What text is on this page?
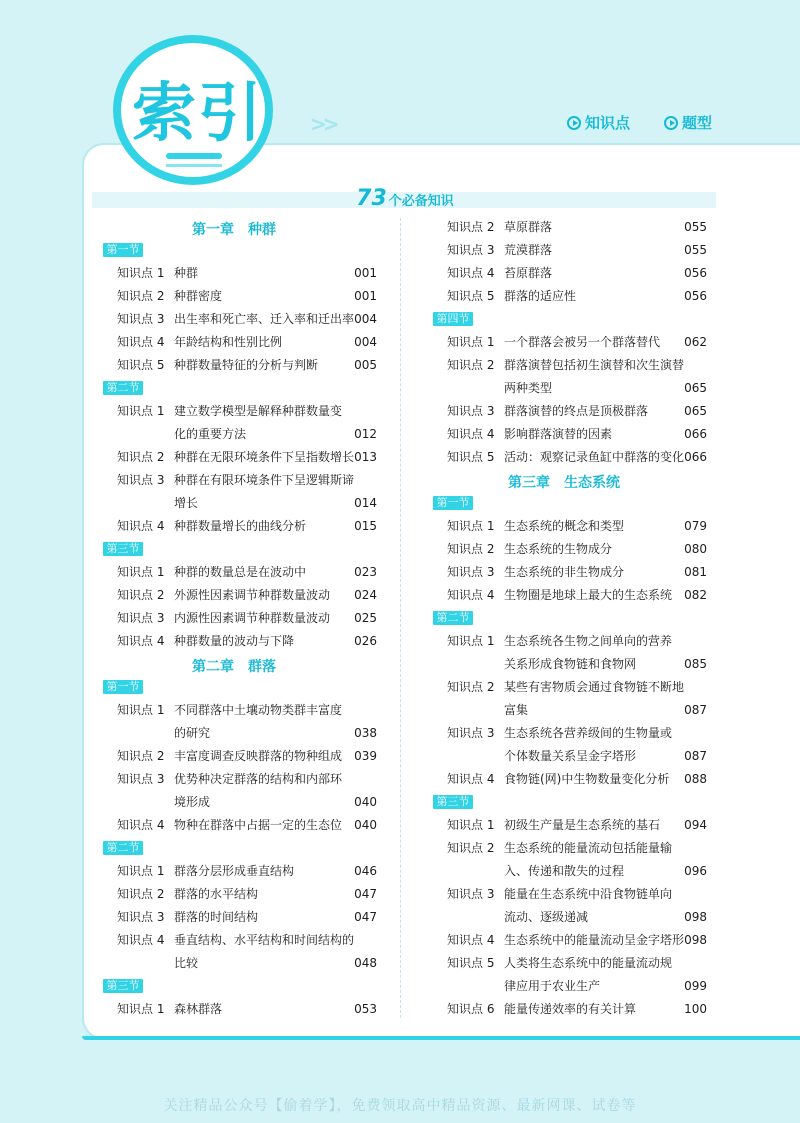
索引 >>	知识点	题型
73 个必备知识
第一章　种群
第一节
知识点 1 种群	001
知识点 2 种群密度	001
知识点 3 出生率和死亡率、迁入率和迁出率 004
知识点 4 年龄结构和性别比例	004
知识点 5 种群数量特征的分析与判断	005
第二节
知识点 1 建立数学模型是解释种群数量变
化的重要方法	012
知识点 2 种群在无限环境条件下呈指数增长 013
知识点 3 种群在有限环境条件下呈逻辑斯谛
增长	014
知识点 4 种群数量增长的曲线分析	015
第三节
知识点 1 种群的数量总是在波动中	023
知识点 2 外源性因素调节种群数量波动	024
知识点 3 内源性因素调节种群数量波动	025
知识点 4 种群数量的波动与下降	026
第二章　群落
第一节
知识点 1 不同群落中土壤动物类群丰富度
的研究	038
知识点 2 丰富度调查反映群落的物种组成	039
知识点 3 优势种决定群落的结构和内部环
境形成	040
知识点 4 物种在群落中占据一定的生态位	040
第二节
知识点 1 群落分层形成垂直结构	046
知识点 2 群落的水平结构	047
知识点 3 群落的时间结构	047
知识点 4 垂直结构、水平结构和时间结构的
比较	048
第三节
知识点 1 森林群落	053
知识点 2 草原群落	055
知识点 3 荒漠群落	055
知识点 4 苔原群落	056
知识点 5 群落的适应性	056
第四节
知识点 1 一个群落会被另一个群落替代	062
知识点 2 群落演替包括初生演替和次生演替
两种类型	065
知识点 3 群落演替的终点是顶极群落	065
知识点 4 影响群落演替的因素	066
知识点 5 活动：观察记录鱼缸中群落的变化 066
第三章　生态系统
第一节
知识点 1 生态系统的概念和类型	079
知识点 2 生态系统的生物成分	080
知识点 3 生态系统的非生物成分	081
知识点 4 生物圈是地球上最大的生态系统	082
第二节
知识点 1 生态系统各生物之间单向的营养
关系形成食物链和食物网	085
知识点 2 某些有害物质会通过食物链不断地
富集	087
知识点 3 生态系统各营养级间的生物量或
个体数量关系呈金字塔形	087
知识点 4 食物链(网)中生物数量变化分析	088
第三节
知识点 1 初级生产量是生态系统的基石	094
知识点 2 生态系统的能量流动包括能量输
入、传递和散失的过程	096
知识点 3 能量在生态系统中沿食物链单向
流动、逐级递减	098
知识点 4 生态系统中的能量流动呈金字塔形 098
知识点 5 人类将生态系统中的能量流动规
律应用于农业生产	099
知识点 6 能量传递效率的有关计算	100
关注精品公众号【偷着学】，免费领取高中精品资源、最新网课、试卷等
